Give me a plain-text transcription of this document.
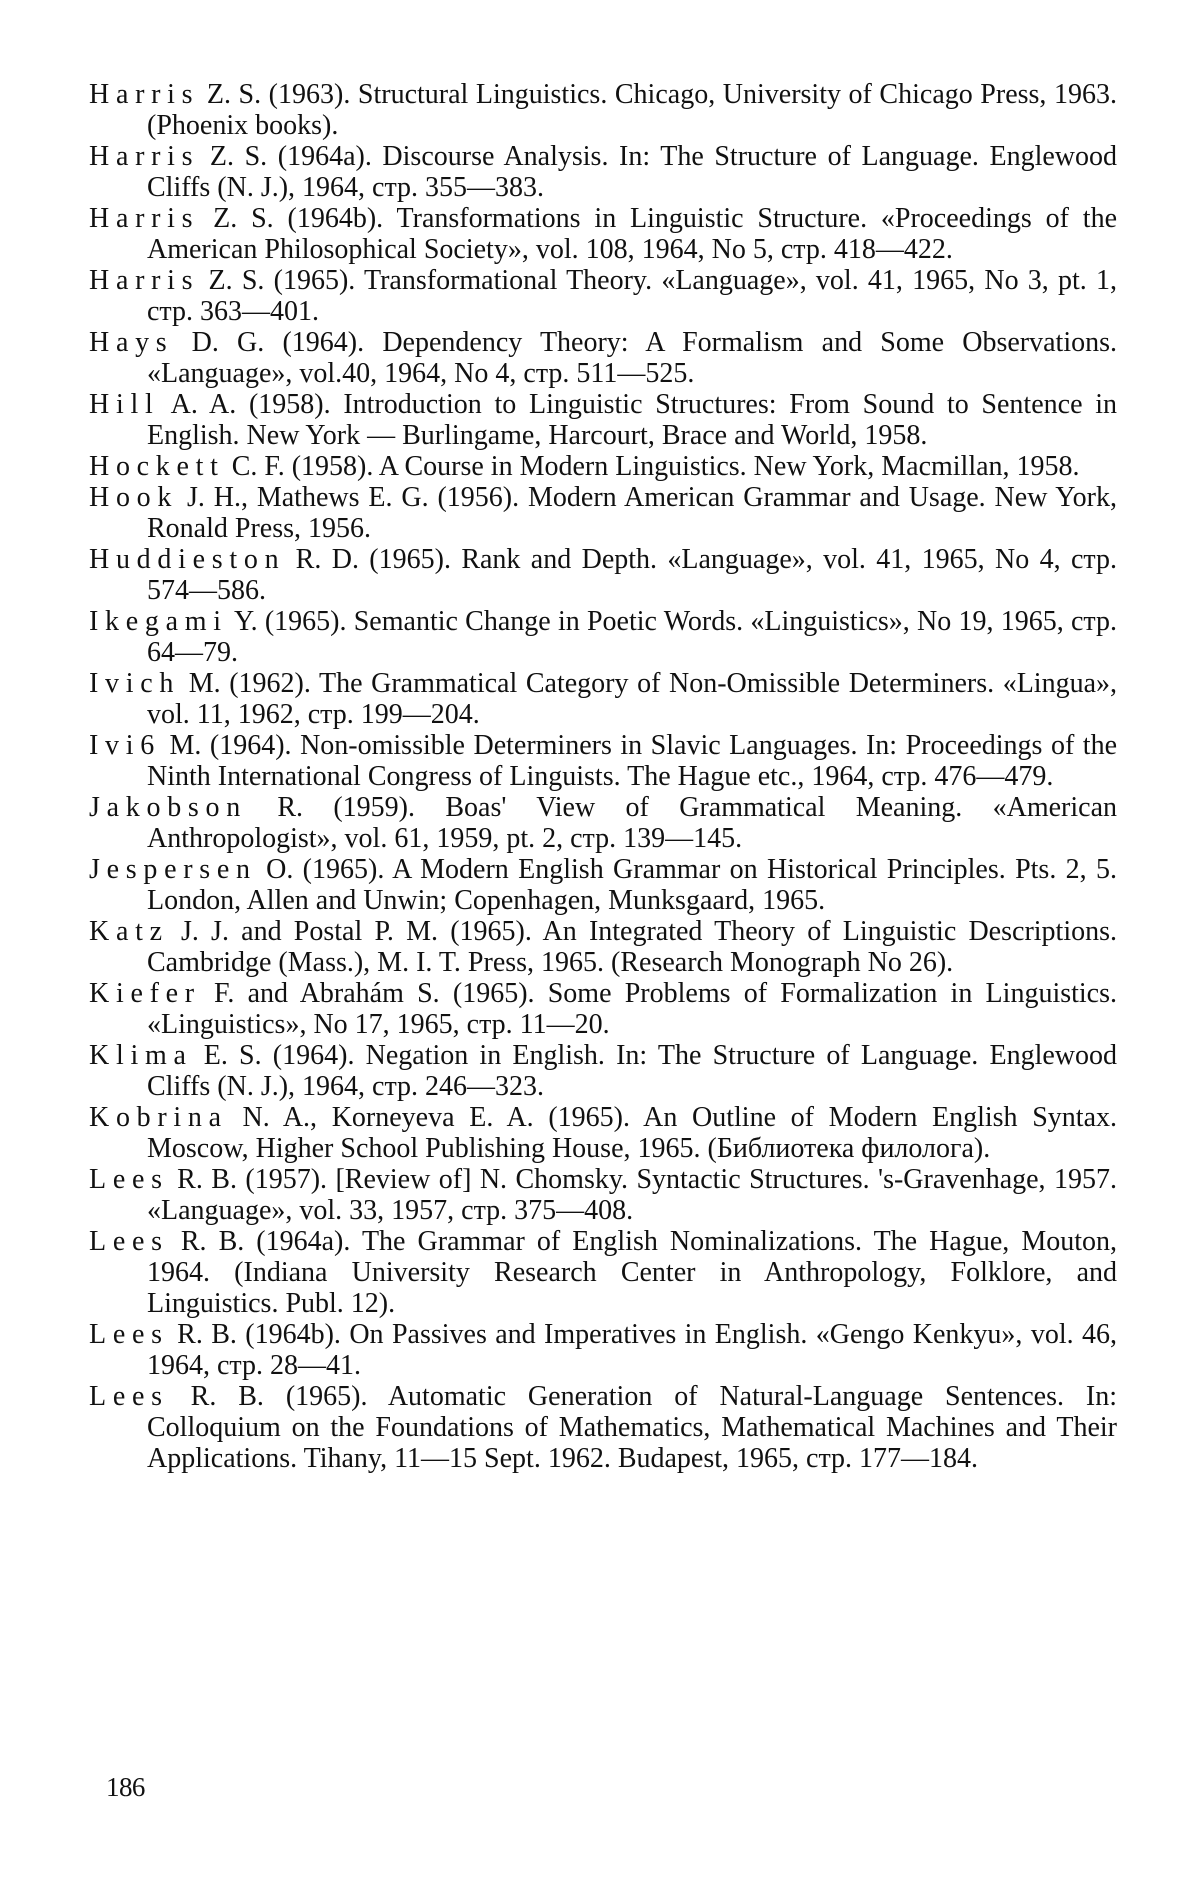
Harris Z. S. (1963). Structural Linguistics. Chicago, University of Chicago Press, 1963. (Phoenix books).
Harris Z. S. (1964a). Discourse Analysis. In: The Structure of Language. Englewood Cliffs (N. J.), 1964, стр. 355—383.
Harris Z. S. (1964b). Transformations in Linguistic Structure. «Proceedings of the American Philosophical Society», vol. 108, 1964, No 5, стр. 418—422.
Harris Z. S. (1965). Transformational Theory. «Language», vol. 41, 1965, No 3, pt. 1, стр. 363—401.
Hays D. G. (1964). Dependency Theory: A Formalism and Some Observations. «Language», vol.40, 1964, No 4, стр. 511—525.
Hill A. A. (1958). Introduction to Linguistic Structures: From Sound to Sentence in English. New York — Burlingame, Harcourt, Brace and World, 1958.
Hockett C. F. (1958). A Course in Modern Linguistics. New York, Macmillan, 1958.
Hook J. H., Mathews E. G. (1956). Modern American Grammar and Usage. New York, Ronald Press, 1956.
Huddieston R. D. (1965). Rank and Depth. «Language», vol. 41, 1965, No 4, стр. 574—586.
Ikegami Y. (1965). Semantic Change in Poetic Words. «Linguistics», No 19, 1965, стр. 64—79.
Ivich M. (1962). The Grammatical Category of Non-Omissible Determiners. «Lingua», vol. 11, 1962, стр. 199—204.
Ivi6 M. (1964). Non-omissible Determiners in Slavic Languages. In: Proceedings of the Ninth International Congress of Linguists. The Hague etc., 1964, стр. 476—479.
Jakobson R. (1959). Boas' View of Grammatical Meaning. «American Anthropologist», vol. 61, 1959, pt. 2, стр. 139—145.
Jespersen O. (1965). A Modern English Grammar on Historical Principles. Pts. 2, 5. London, Allen and Unwin; Copenhagen, Munksgaard, 1965.
Katz J. J. and Postal P. M. (1965). An Integrated Theory of Linguistic Descriptions. Cambridge (Mass.), M. I. T. Press, 1965. (Research Monograph No 26).
Kiefer F. and Abrahám S. (1965). Some Problems of Formalization in Linguistics. «Linguistics», No 17, 1965, стр. 11—20.
Klima E. S. (1964). Negation in English. In: The Structure of Language. Englewood Cliffs (N. J.), 1964, стр. 246—323.
Kobrina N. A., Korneyeva E. A. (1965). An Outline of Modern English Syntax. Moscow, Higher School Publishing House, 1965. (Библиотека филолога).
Lees R. B. (1957). [Review of] N. Chomsky. Syntactic Structures. 's-Gravenhage, 1957. «Language», vol. 33, 1957, стр. 375—408.
Lees R. B. (1964a). The Grammar of English Nominalizations. The Hague, Mouton, 1964. (Indiana University Research Center in Anthropology, Folklore, and Linguistics. Publ. 12).
Lees R. B. (1964b). On Passives and Imperatives in English. «Gengo Kenkyu», vol. 46, 1964, стр. 28—41.
Lees R. B. (1965). Automatic Generation of Natural-Language Sentences. In: Colloquium on the Foundations of Mathematics, Mathematical Machines and Their Applications. Tihany, 11—15 Sept. 1962. Budapest, 1965, стр. 177—184.
186
